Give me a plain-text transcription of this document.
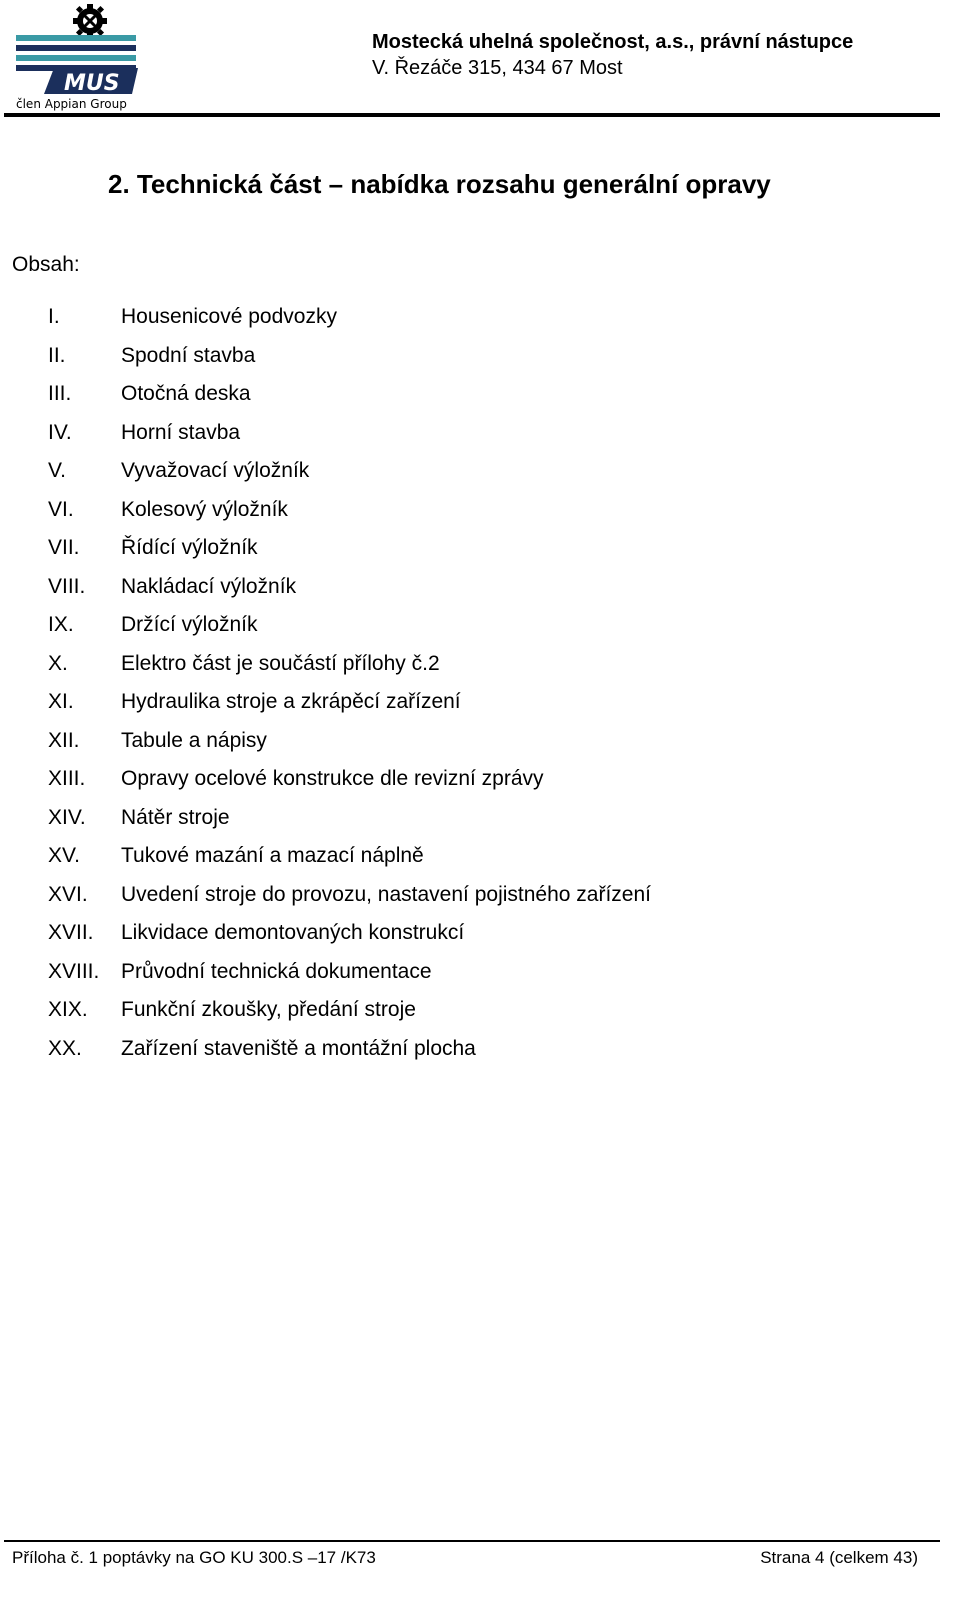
MUS
člen Appian Group
Mostecká uhelná společnost, a.s., právní nástupce
V. Řezáče 315, 434 67 Most
2. Technická část – nabídka rozsahu generální opravy
Obsah:
I.	Housenicové podvozky
II.	Spodní stavba
III. Otočná deska
IV. Horní stavba
V.	Vyvažovací výložník
VI. Kolesový výložník
VII. Řídící výložník
VIII. Nakládací výložník
IX. Držící výložník
X.	Elektro část je součástí přílohy č.2
XI. Hydraulika stroje a zkrápěcí zařízení
XII. Tabule a nápisy
XIII. Opravy ocelové konstrukce dle revizní zprávy
XIV. Nátěr stroje
XV. Tukové mazání a mazací náplně
XVI. Uvedení stroje do provozu, nastavení pojistného zařízení
XVII. Likvidace demontovaných konstrukcí
XVIII. Průvodní technická dokumentace
XIX. Funkční zkoušky, předání stroje
XX. Zařízení staveniště a montážní plocha
Příloha č. 1 poptávky na GO KU 300.S –17 /K73	Strana 4 (celkem 43)
